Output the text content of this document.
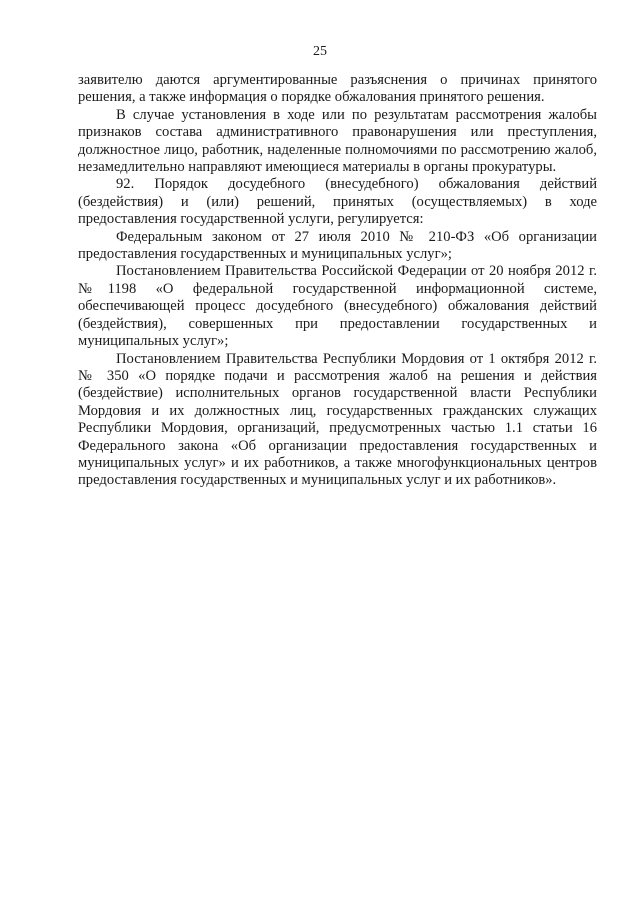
25

заявителю даются аргументированные разъяснения о причинах принятого решения, а также информация о порядке обжалования принятого решения.

В случае установления в ходе или по результатам рассмотрения жалобы признаков состава административного правонарушения или преступления, должностное лицо, работник, наделенные полномочиями по рассмотрению жалоб, незамедлительно направляют имеющиеся материалы в органы прокуратуры.

92. Порядок досудебного (внесудебного) обжалования действий (бездействия) и (или) решений, принятых (осуществляемых) в ходе предоставления государственной услуги, регулируется:

Федеральным законом от 27 июля 2010 № 210-ФЗ «Об организации предоставления государственных и муниципальных услуг»;

Постановлением Правительства Российской Федерации от 20 ноября 2012 г. №1198 «О федеральной государственной информационной системе, обеспечивающей процесс досудебного (внесудебного) обжалования действий (бездействия), совершенных при предоставлении государственных и муниципальных услуг»;

Постановлением Правительства Республики Мордовия от 1 октября 2012 г. № 350 «О порядке подачи и рассмотрения жалоб на решения и действия (бездействие) исполнительных органов государственной власти Республики Мордовия и их должностных лиц, государственных гражданских служащих Республики Мордовия, организаций, предусмотренных частью 1.1 статьи 16 Федерального закона «Об организации предоставления государственных и муниципальных услуг» и их работников, а также многофункциональных центров предоставления государственных и муниципальных услуг и их работников».
